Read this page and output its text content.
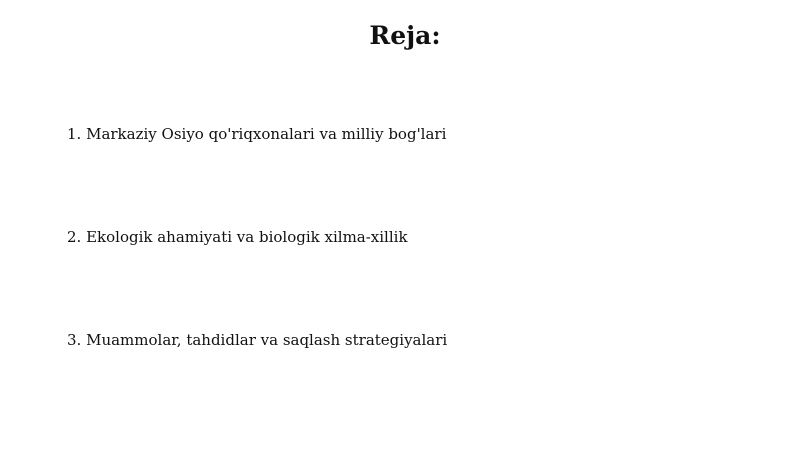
Reja:
1. Markaziy Osiyo qo'riqxonalari va milliy bog'lari
2. Ekologik ahamiyati va biologik xilma-xillik
3. Muammolar, tahdidlar va saqlash strategiyalari
